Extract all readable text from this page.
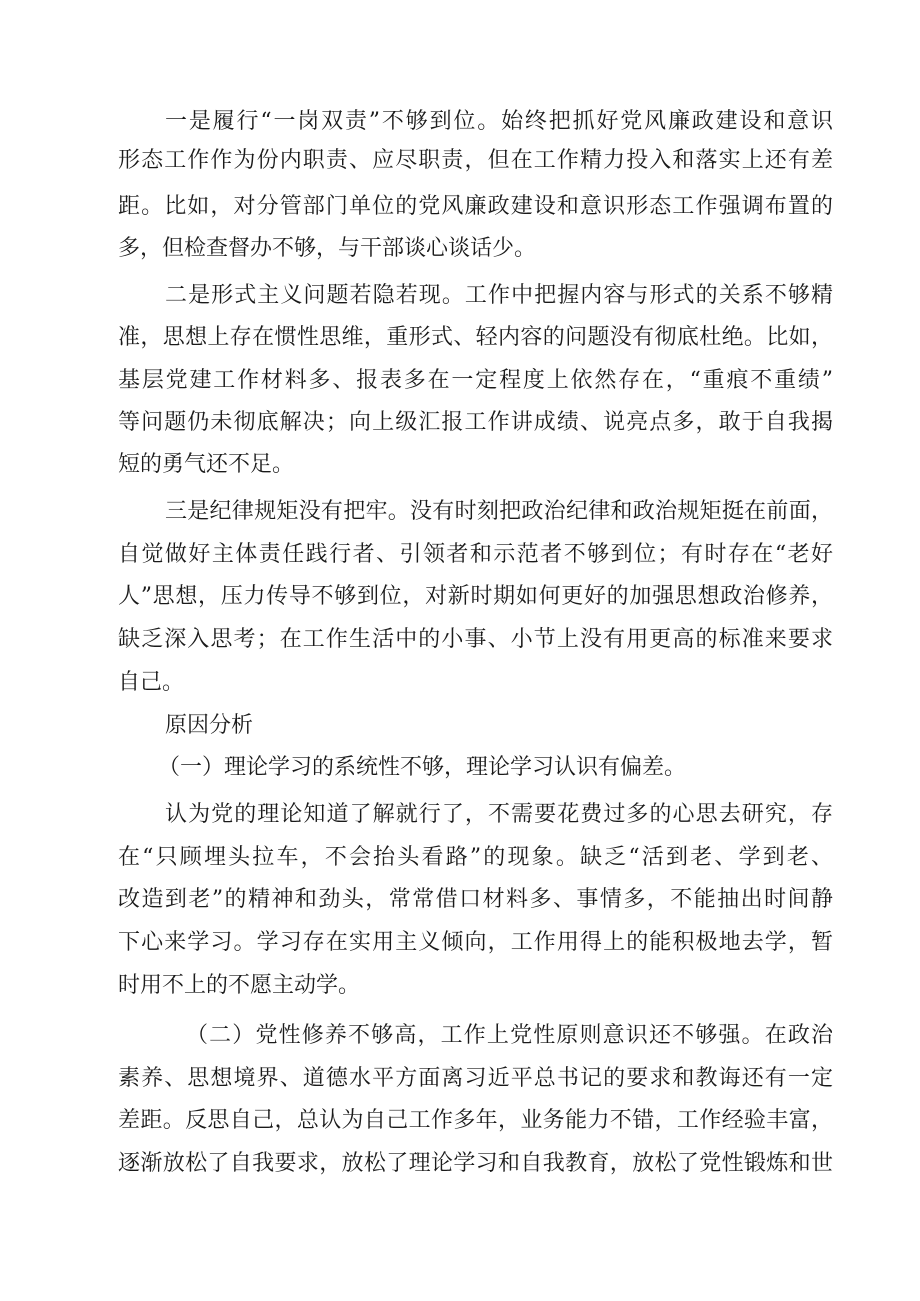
一是履行“一岗双责”不够到位。始终把抓好党风廉政建设和意识
形态工作作为份内职责、应尽职责，但在工作精力投入和落实上还有差
距。比如，对分管部门单位的党风廉政建设和意识形态工作强调布置的
多，但检查督办不够，与干部谈心谈话少。
二是形式主义问题若隐若现。工作中把握内容与形式的关系不够精
准，思想上存在惯性思维，重形式、轻内容的问题没有彻底杜绝。比如，
基层党建工作材料多、报表多在一定程度上依然存在，“重痕不重绩”
等问题仍未彻底解决；向上级汇报工作讲成绩、说亮点多，敢于自我揭
短的勇气还不足。
三是纪律规矩没有把牢。没有时刻把政治纪律和政治规矩挺在前面，
自觉做好主体责任践行者、引领者和示范者不够到位；有时存在“老好
人”思想，压力传导不够到位，对新时期如何更好的加强思想政治修养，
缺乏深入思考；在工作生活中的小事、小节上没有用更高的标准来要求
自己。
原因分析
（一）理论学习的系统性不够，理论学习认识有偏差。
认为党的理论知道了解就行了，不需要花费过多的心思去研究，存
在“只顾埋头拉车，不会抬头看路”的现象。缺乏“活到老、学到老、
改造到老”的精神和劲头，常常借口材料多、事情多，不能抽出时间静
下心来学习。学习存在实用主义倾向，工作用得上的能积极地去学，暂
时用不上的不愿主动学。
（二）党性修养不够高，工作上党性原则意识还不够强。在政治
素养、思想境界、道德水平方面离习近平总书记的要求和教诲还有一定
差距。反思自己，总认为自己工作多年，业务能力不错，工作经验丰富，
逐渐放松了自我要求，放松了理论学习和自我教育，放松了党性锻炼和世
